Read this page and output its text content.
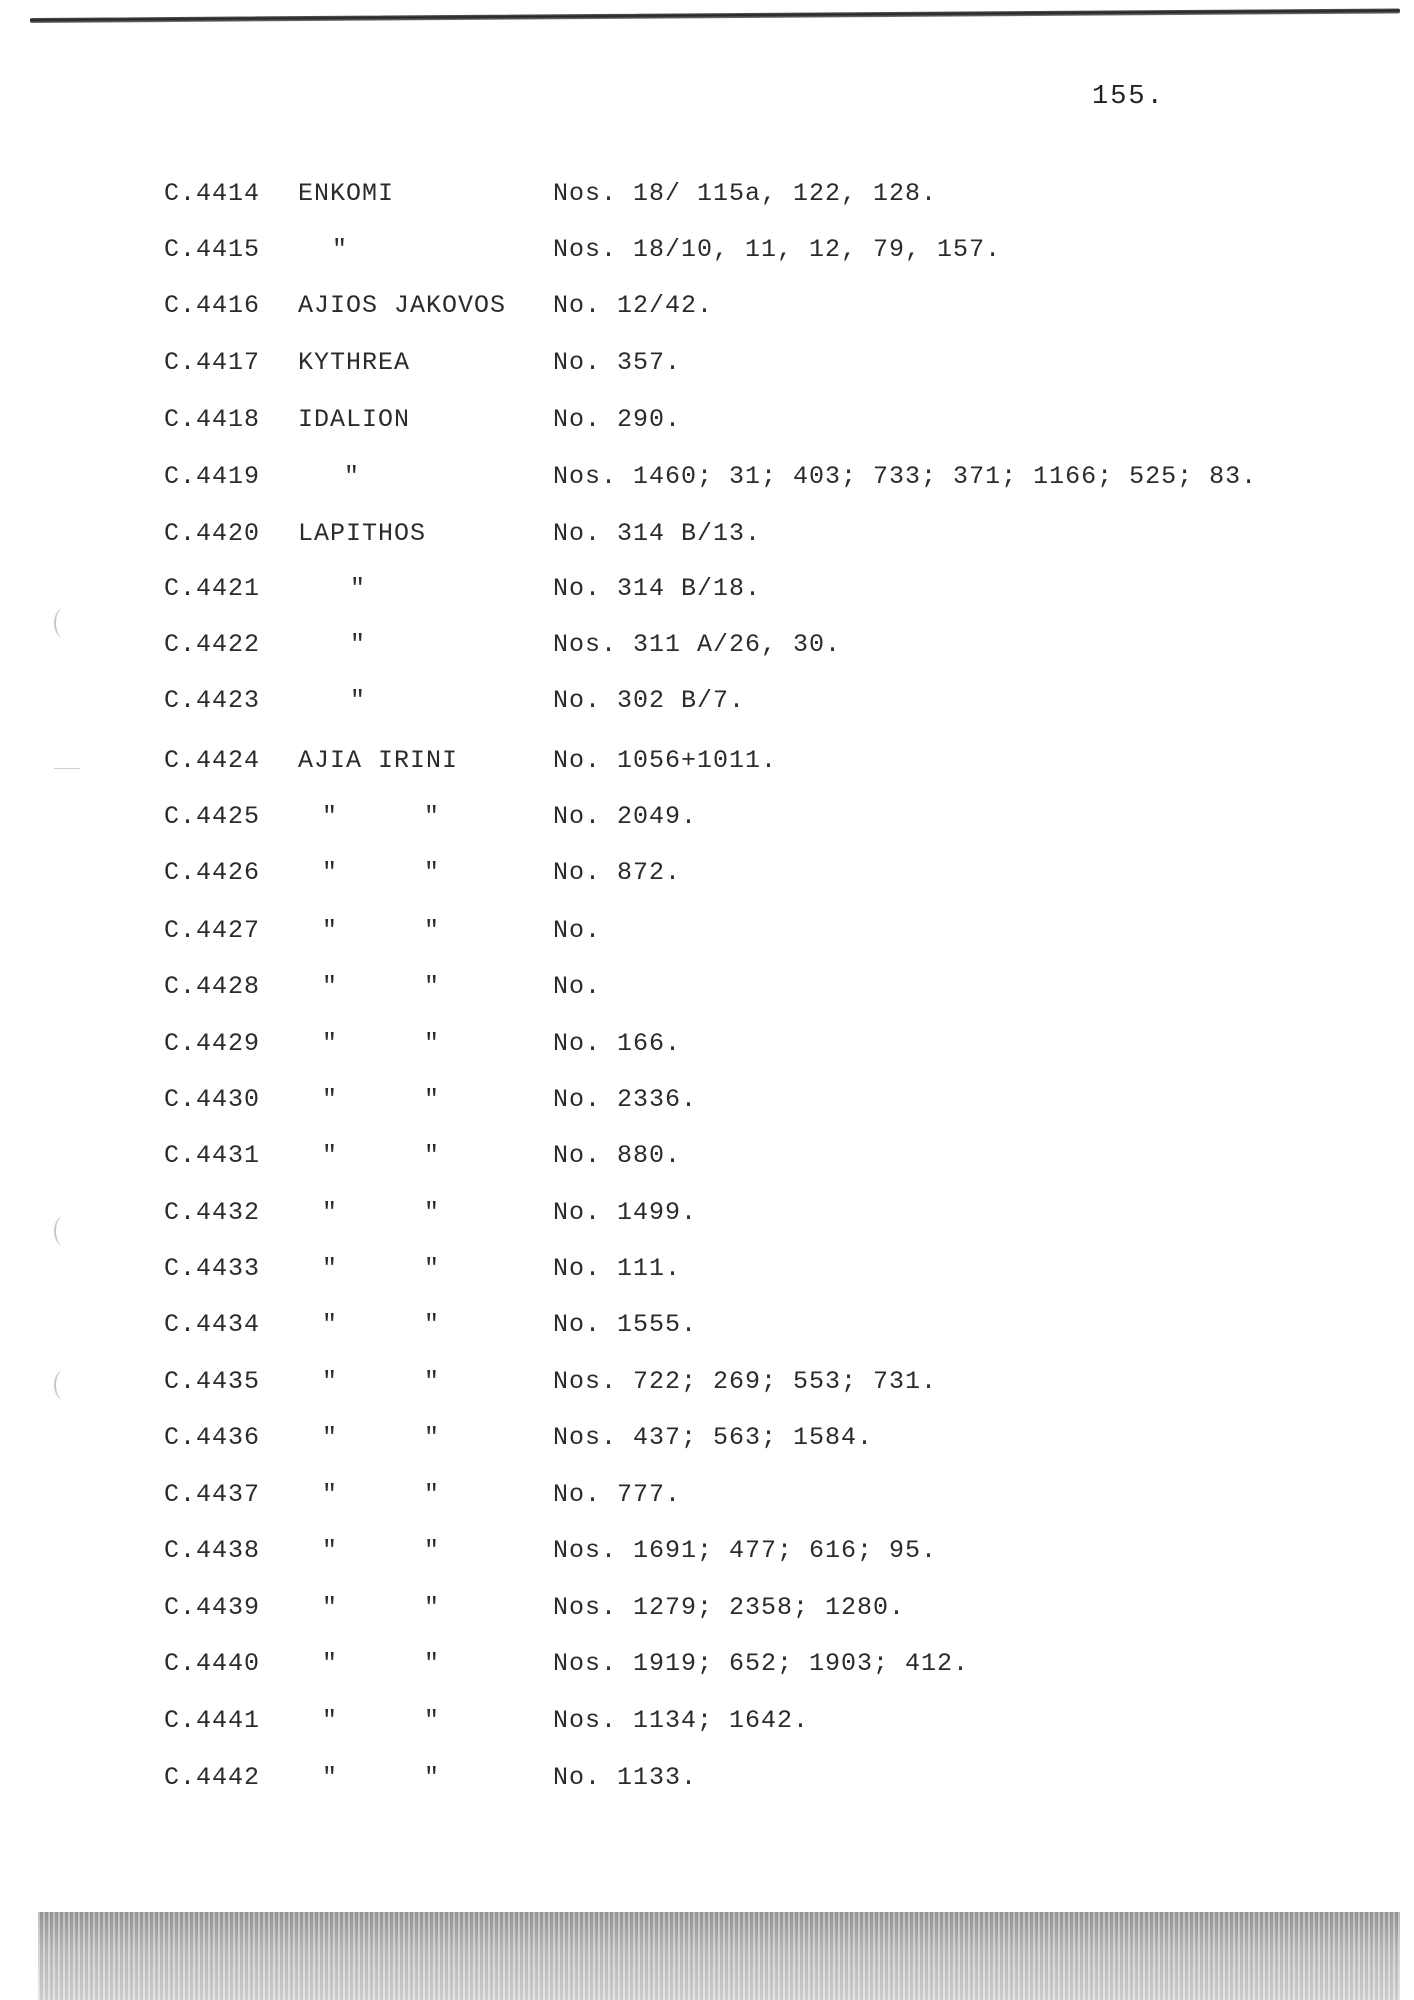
155.
C.4414 ENKOMI	Nos. 18/ 115a, 122, 128.
C.4415	"	Nos. 18/10, 11, 12, 79, 157.
C.4416 AJIOS JAKOVOS No. 12/42.
C.4417 KYTHREA	No. 357.
C.4418 IDALION	No. 290.
C.4419	"	Nos. 1460; 31; 403; 733; 371; 1166; 525; 83.
C.4420 LAPITHOS	No. 314 B/13.
C.4421	"	No. 314 B/18.
C.4422	"	Nos. 311 A/26, 30.
C.4423	"	No. 302 B/7.
C.4424 AJIA IRINI	No. 1056+1011.
C.4425 "	"	No. 2049.
C.4426 "	"	No. 872.
C.4427 "	"	No.
C.4428 "	"	No.
C.4429 "	"	No. 166.
C.4430 "	"	No. 2336.
C.4431 "	"	No. 880.
C.4432 "	"	No. 1499.
C.4433 "	"	No. 111.
C.4434 "	"	No. 1555.
C.4435 "	"	Nos. 722; 269; 553; 731.
C.4436 "	"	Nos. 437; 563; 1584.
C.4437 "	"	No. 777.
C.4438 "	"	Nos. 1691; 477; 616; 95.
C.4439 "	"	Nos. 1279; 2358; 1280.
C.4440 "	"	Nos. 1919; 652; 1903; 412.
C.4441 "	"	Nos. 1134; 1642.
C.4442 "	"	No. 1133.
